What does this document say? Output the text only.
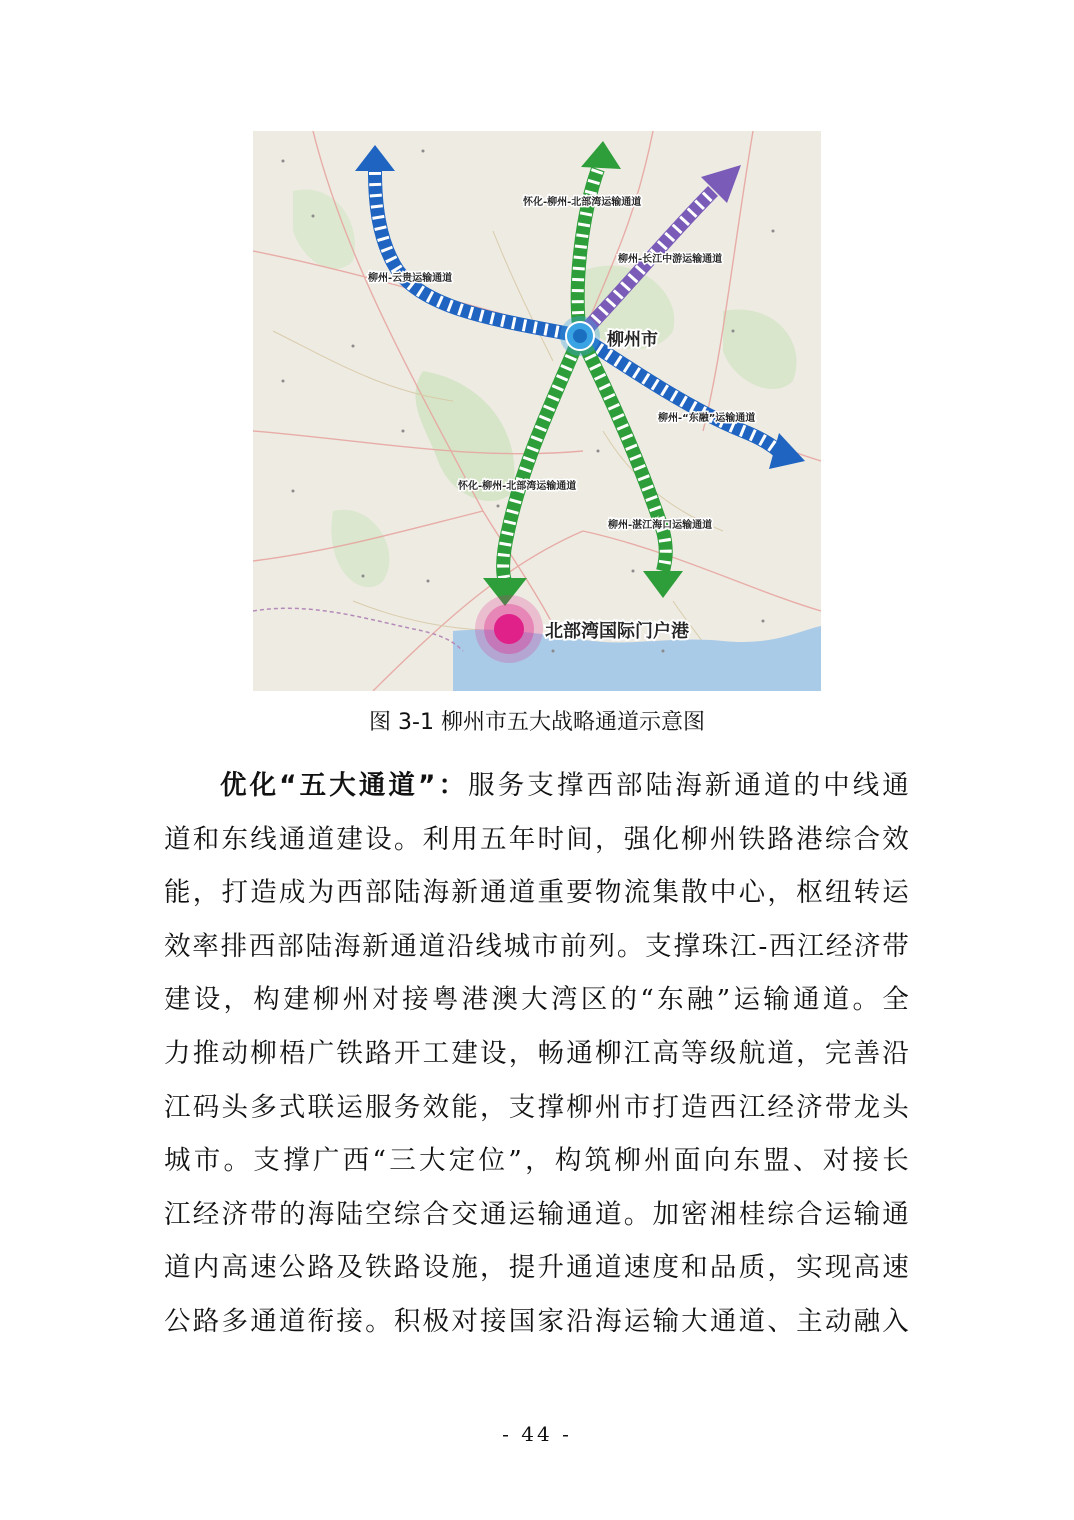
怀化-柳州-北部湾运输通道
柳州-长江中游运输通道
柳州-云贵运输通道
柳州-“东融”运输通道
怀化-柳州-北部湾运输通道
柳州-湛江海口运输通道
柳州市
北部湾国际门户港
图 3-1 柳州市五大战略通道示意图
优化“五大通道”：服务支撑西部陆海新通道的中线通
道和东线通道建设。利用五年时间，强化柳州铁路港综合效
能，打造成为西部陆海新通道重要物流集散中心，枢纽转运
效率排西部陆海新通道沿线城市前列。支撑珠江-西江经济带
建设，构建柳州对接粤港澳大湾区的“东融”运输通道。全
力推动柳梧广铁路开工建设，畅通柳江高等级航道，完善沿
江码头多式联运服务效能，支撑柳州市打造西江经济带龙头
城市。支撑广西“三大定位”，构筑柳州面向东盟、对接长
江经济带的海陆空综合交通运输通道。加密湘桂综合运输通
道内高速公路及铁路设施，提升通道速度和品质，实现高速
公路多通道衔接。积极对接国家沿海运输大通道、主动融入
- 44 -
